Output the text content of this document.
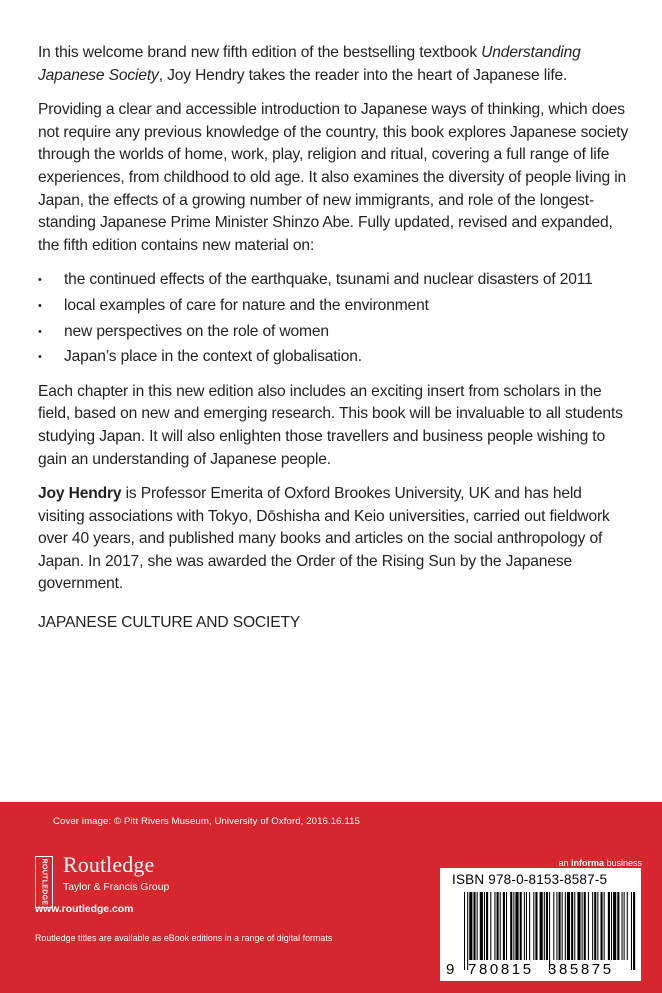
In this welcome brand new fifth edition of the bestselling textbook Understanding Japanese Society, Joy Hendry takes the reader into the heart of Japanese life.

Providing a clear and accessible introduction to Japanese ways of thinking, which does not require any previous knowledge of the country, this book explores Japanese society through the worlds of home, work, play, religion and ritual, covering a full range of life experiences, from childhood to old age. It also examines the diversity of people living in Japan, the effects of a growing number of new immigrants, and role of the longest-standing Japanese Prime Minister Shinzo Abe. Fully updated, revised and expanded, the fifth edition contains new material on:

• the continued effects of the earthquake, tsunami and nuclear disasters of 2011
• local examples of care for nature and the environment
• new perspectives on the role of women
• Japan’s place in the context of globalisation.

Each chapter in this new edition also includes an exciting insert from scholars in the field, based on new and emerging research. This book will be invaluable to all students studying Japan. It will also enlighten those travellers and business people wishing to gain an understanding of Japanese people.

Joy Hendry is Professor Emerita of Oxford Brookes University, UK and has held visiting associations with Tokyo, Dōshisha and Keio universities, carried out fieldwork over 40 years, and published many books and articles on the social anthropology of Japan. In 2017, she was awarded the Order of the Rising Sun by the Japanese government.

JAPANESE CULTURE AND SOCIETY

Cover image: © Pitt Rivers Museum, University of Oxford, 2016.16.115
ROUTLEDGE Routledge
Taylor & Francis Group
www.routledge.com
Routledge titles are available as eBook editions in a range of digital formats
an informa business
ISBN 978-0-8153-8587-5
9 780815 385875
